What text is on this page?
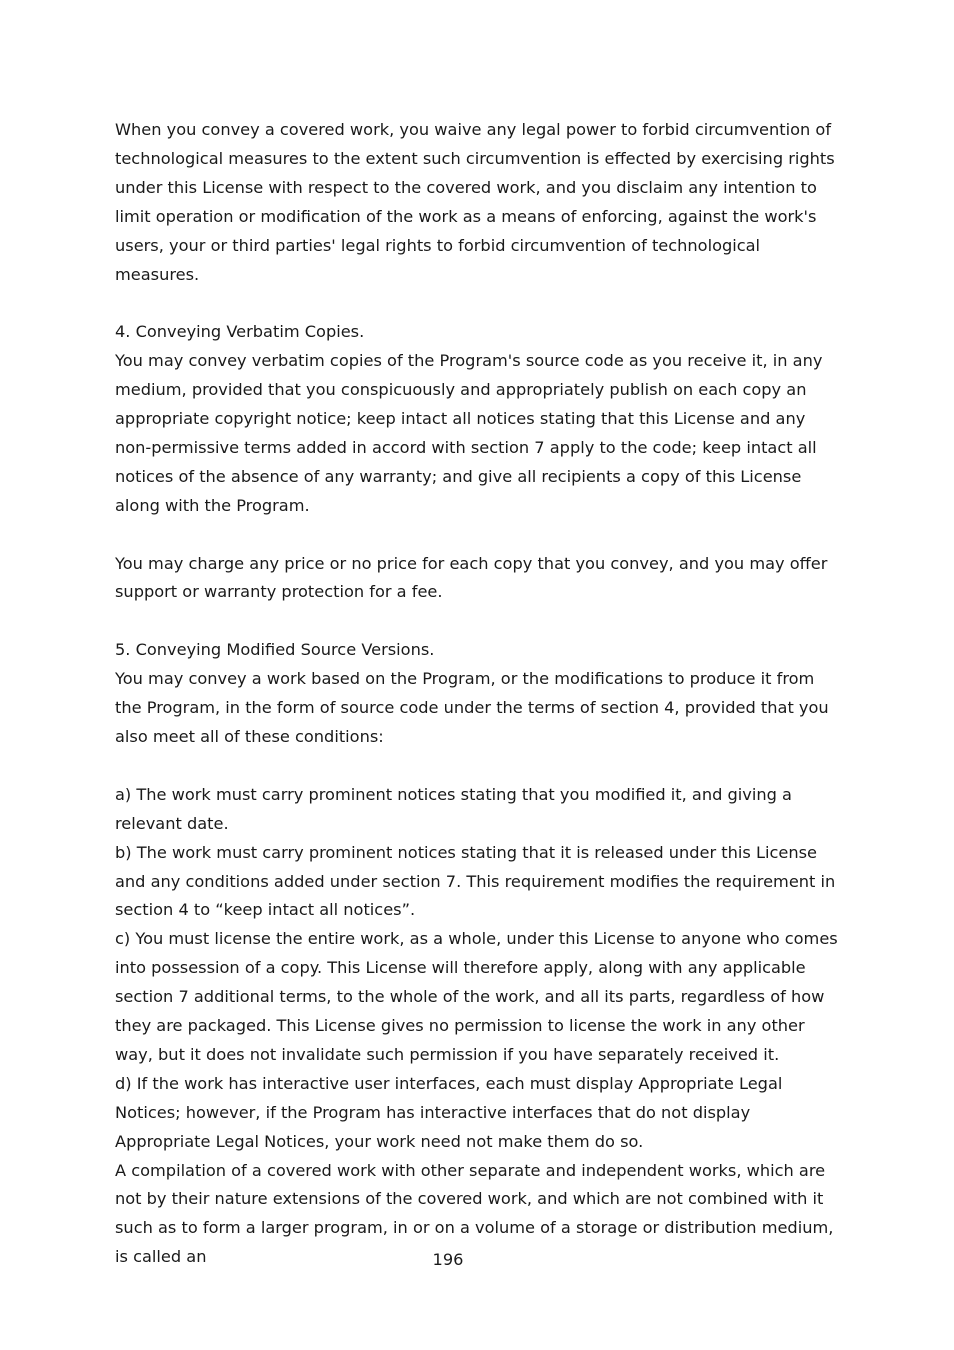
When you convey a covered work, you waive any legal power to forbid circumvention of technological measures to the extent such circumvention is effected by exercising rights under this License with respect to the covered work, and you disclaim any intention to limit operation or modification of the work as a means of enforcing, against the work's users, your or third parties' legal rights to forbid circumvention of technological measures.

4. Conveying Verbatim Copies.

You may convey verbatim copies of the Program's source code as you receive it, in any medium, provided that you conspicuously and appropriately publish on each copy an appropriate copyright notice; keep intact all notices stating that this License and any non-permissive terms added in accord with section 7 apply to the code; keep intact all notices of the absence of any warranty; and give all recipients a copy of this License along with the Program.

You may charge any price or no price for each copy that you convey, and you may offer support or warranty protection for a fee.

5. Conveying Modified Source Versions.

You may convey a work based on the Program, or the modifications to produce it from the Program, in the form of source code under the terms of section 4, provided that you also meet all of these conditions:

a) The work must carry prominent notices stating that you modified it, and giving a relevant date.

b) The work must carry prominent notices stating that it is released under this License and any conditions added under section 7. This requirement modifies the requirement in section 4 to “keep intact all notices”.

c) You must license the entire work, as a whole, under this License to anyone who comes into possession of a copy. This License will therefore apply, along with any applicable section 7 additional terms, to the whole of the work, and all its parts, regardless of how they are packaged. This License gives no permission to license the work in any other way, but it does not invalidate such permission if you have separately received it.

d) If the work has interactive user interfaces, each must display Appropriate Legal Notices; however, if the Program has interactive interfaces that do not display Appropriate Legal Notices, your work need not make them do so.

A compilation of a covered work with other separate and independent works, which are not by their nature extensions of the covered work, and which are not combined with it such as to form a larger program, in or on a volume of a storage or distribution medium, is called an	196
